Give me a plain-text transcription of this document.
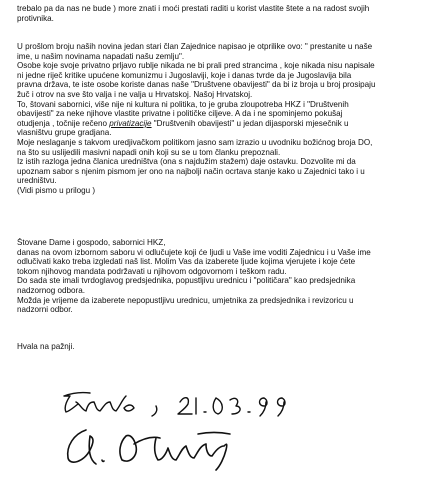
trebalo pa da nas ne bude ) more znati i moći prestati raditi u korist vlastite štete a na radost svojih
protivnika.
U prošlom broju naših novina jedan stari član Zajednice napisao je otprilike ovo: " prestanite u naše
ime, u našim novinama napadati našu zemlju".
Osobe koje svoje privatno prljavo rublje nikada ne bi prali pred strancima , koje nikada nisu napisale
ni jedne riječ kritike upućene komunizmu i Jugoslaviji, koje i danas tvrde da je Jugoslavija bila
pravna država, te iste osobe koriste danas naše "Društvene obavijesti" da bi iz broja u broj prosipaju
žuč i otrov na sve što valja i ne valja u Hrvatskoj. Našoj Hrvatskoj.
To, štovani sabornici, više nije ni kultura ni politika, to je gruba zloupotreba HKZ i "Društvenih
obavijesti" za neke njihove vlastite privatne i političke ciljeve. A da i ne spominjemo pokušaj
otudjenja , točnije rečeno privatizacije "Društvenih obavijesti" u jedan dijasporski mjesečnik u
vlasništvu grupe gradjana.
Moje neslaganje s takvom uredjivačkom politikom jasno sam izrazio u uvodniku božićnog broja DO,
na što su uslijedili masivni napadi onih koji su se u tom članku prepoznali.
Iz istih razloga jedna članica uredništva (ona s najdužim stažem) daje ostavku. Dozvolite mi da
upoznam sabor s njenim pismom jer ono na najbolji način ocrtava stanje kako u Zajednici tako i u
uredništvu.
(Vidi pismo u prilogu )
Štovane Dame i gospodo, sabornici HKZ,
danas na ovom izbornom saboru vi odlučujete koji će ljudi u Vaše ime voditi Zajednicu i u Vaše ime
odlučivati kako treba izgledati naš list. Molim Vas da izaberete ljude kojima vjerujete i koje ćete
tokom njihovog mandata podržavati u njihovom odgovornom i teškom radu.
Do sada ste imali tvrdoglavog predsjednika, popustljivu urednicu i "političara" kao predsjednika
nadzornog odbora.
Možda je vrijeme da izaberete nepopustljivu urednicu, umjetnika za predsjednika i revizoricu u
nadzorni odbor.
Hvala na pažnji.
